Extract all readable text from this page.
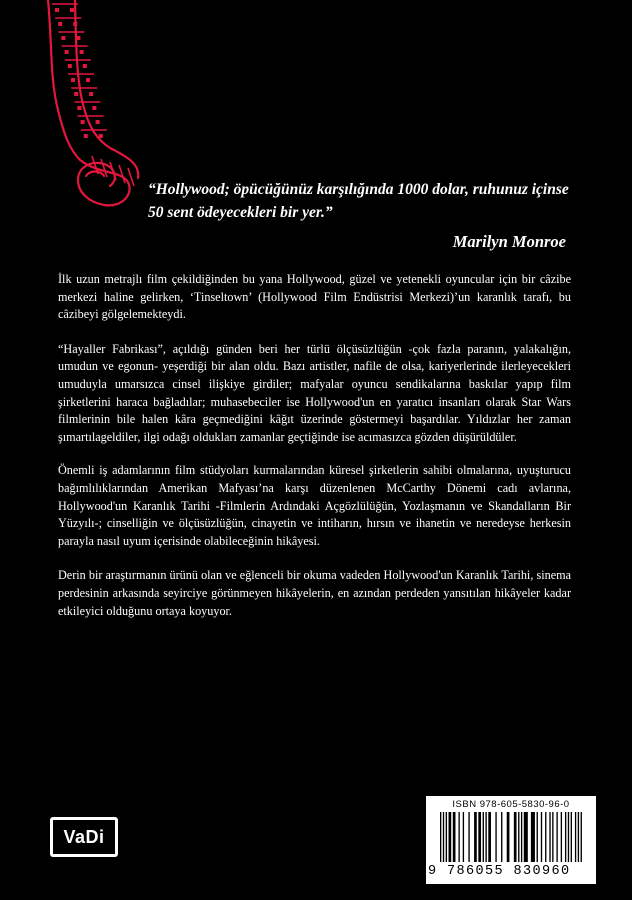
“Hollywood; öpücüğünüz karşılığında 1000 dolar, ruhunuz içinse 50 sent ödeyecekleri bir yer.”
Marilyn Monroe

İlk uzun metrajlı film çekildiğinden bu yana Hollywood, güzel ve yetenekli oyuncular için bir câzibe merkezi haline gelirken, ‘Tinseltown’ (Hollywood Film Endüstrisi Merkezi)’un karanlık tarafı, bu câzibeyi gölgelemekteydi.

“Hayaller Fabrikası”, açıldığı günden beri her türlü ölçüsüzlüğün -çok fazla paranın, yalakalığın, umudun ve egonun- yeşerdiği bir alan oldu. Bazı artistler, nafile de olsa, kariyerlerinde ilerleyecekleri umuduyla umarsızca cinsel ilişkiye girdiler; mafyalar oyuncu sendikalarına baskılar yapıp film şirketlerini haraca bağladılar; muhasebeciler ise Hollywood'un en yaratıcı insanları olarak Star Wars filmlerinin bile halen kâra geçmediğini kâğıt üzerinde göstermeyi başardılar. Yıldızlar her zaman şımartılageldiler, ilgi odağı oldukları zamanlar geçtiğinde ise acımasızca gözden düşürüldüler.

Önemli iş adamlarının film stüdyoları kurmalarından küresel şirketlerin sahibi olmalarına, uyuşturucu bağımlılıklarından Amerikan Mafyası’na karşı düzenlenen McCarthy Dönemi cadı avlarına, Hollywood'un Karanlık Tarihi -Filmlerin Ardındaki Açgözlülüğün, Yozlaşmanın ve Skandalların Bir Yüzyılı-; cinselliğin ve ölçüsüzlüğün, cinayetin ve intiharın, hırsın ve ihanetin ve neredeyse herkesin parayla nasıl uyum içerisinde olabileceğinin hikâyesi.

Derin bir araştırmanın ürünü olan ve eğlenceli bir okuma vadeden Hollywood'un Karanlık Tarihi, sinema perdesinin arkasında seyirciye görünmeyen hikâyelerin, en azından perdeden yansıtılan hikâyeler kadar etkileyici olduğunu ortaya koyuyor.

VaDi
ISBN 978-605-5830-96-0
9 786055 830960
